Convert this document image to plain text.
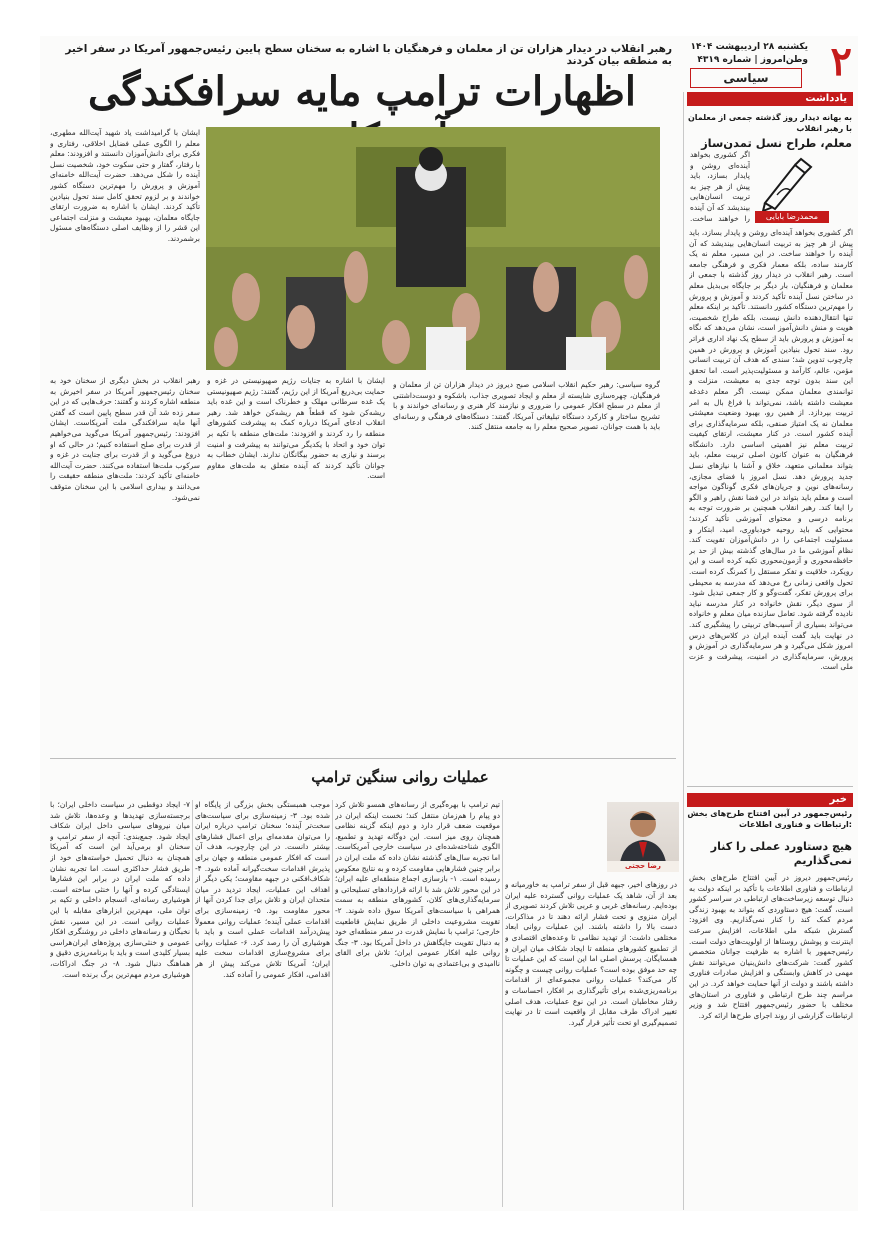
۲
یکشنبه ۲۸ اردیبهشت ۱۴۰۴
وطن‌امروز | شماره ۴۳۱۹
سیاسی
یادداشت
به بهانه دیدار روز گذشته جمعی از معلمان با رهبر انقلاب
معلم، طراح نسل تمدن‌ساز
محمدرضا بابایی
اگر کشوری بخواهد آینده‌ای روشن و پایدار بسازد، باید پیش از هر چیز به تربیت انسان‌هایی بیندیشد که آن آینده را خواهند ساخت.
اگر کشوری بخواهد آینده‌ای روشن و پایدار بسازد، باید پیش از هر چیز به تربیت انسان‌هایی بیندیشد که آن آینده را خواهند ساخت. در این مسیر، معلم نه یک کارمند ساده، بلکه معمار فکری و فرهنگی جامعه است. رهبر انقلاب در دیدار روز گذشته با جمعی از معلمان و فرهنگیان، بار دیگر بر جایگاه بی‌بدیل معلم در ساختن نسل آینده تأکید کردند و آموزش و پرورش را مهم‌ترین دستگاه کشور دانستند. تأکید بر اینکه معلم تنها انتقال‌دهنده دانش نیست، بلکه طراح شخصیت، هویت و منش دانش‌آموز است، نشان می‌دهد که نگاه به آموزش و پرورش باید از سطح یک نهاد اداری فراتر رود. سند تحول بنیادین آموزش و پرورش در همین چارچوب تدوین شد؛ سندی که هدف آن تربیت انسانی مؤمن، عالم، کارآمد و مسئولیت‌پذیر است. اما تحقق این سند بدون توجه جدی به معیشت، منزلت و توانمندی معلمان ممکن نیست. اگر معلم دغدغه معیشت داشته باشد، نمی‌تواند با فراغ بال به امر تربیت بپردازد. از همین رو، بهبود وضعیت معیشتی معلمان نه یک امتیاز صنفی، بلکه سرمایه‌گذاری برای آینده کشور است. در کنار معیشت، ارتقای کیفیت تربیت معلم نیز اهمیتی اساسی دارد. دانشگاه فرهنگیان به عنوان کانون اصلی تربیت معلم، باید بتواند معلمانی متعهد، خلاق و آشنا با نیازهای نسل جدید پرورش دهد. نسل امروز با فضای مجازی، رسانه‌های نوین و جریان‌های فکری گوناگون مواجه است و معلم باید بتواند در این فضا نقش راهبر و الگو را ایفا کند. رهبر انقلاب همچنین بر ضرورت توجه به برنامه درسی و محتوای آموزشی تأکید کردند؛ محتوایی که باید روحیه خودباوری، امید، ابتکار و مسئولیت اجتماعی را در دانش‌آموزان تقویت کند. نظام آموزشی ما در سال‌های گذشته بیش از حد بر حافظه‌محوری و آزمون‌محوری تکیه کرده است و این رویکرد، خلاقیت و تفکر مستقل را کمرنگ کرده است. تحول واقعی زمانی رخ می‌دهد که مدرسه به محیطی برای پرورش تفکر، گفت‌وگو و کار جمعی تبدیل شود. از سوی دیگر، نقش خانواده در کنار مدرسه نباید نادیده گرفته شود. تعامل سازنده میان معلم و خانواده می‌تواند بسیاری از آسیب‌های تربیتی را پیشگیری کند. در نهایت باید گفت آینده ایران در کلاس‌های درس امروز شکل می‌گیرد و هر سرمایه‌گذاری در آموزش و پرورش، سرمایه‌گذاری در امنیت، پیشرفت و عزت ملی است.
خبر
رئیس‌جمهور در آیین افتتاح طرح‌های بخش ارتباطات و فناوری اطلاعات:
هیچ دستاورد عملی را کنار نمی‌گذاریم
رئیس‌جمهور دیروز در آیین افتتاح طرح‌های بخش ارتباطات و فناوری اطلاعات با تأکید بر اینکه دولت به دنبال توسعه زیرساخت‌های ارتباطی در سراسر کشور است، گفت: هیچ دستاوردی که بتواند به بهبود زندگی مردم کمک کند را کنار نمی‌گذاریم. وی افزود: گسترش شبکه ملی اطلاعات، افزایش سرعت اینترنت و پوشش روستاها از اولویت‌های دولت است. رئیس‌جمهور با اشاره به ظرفیت جوانان متخصص کشور گفت: شرکت‌های دانش‌بنیان می‌توانند نقش مهمی در کاهش وابستگی و افزایش صادرات فناوری داشته باشند و دولت از آنها حمایت خواهد کرد. در این مراسم چند طرح ارتباطی و فناوری در استان‌های مختلف با حضور رئیس‌جمهور افتتاح شد و وزیر ارتباطات گزارشی از روند اجرای طرح‌ها ارائه کرد.
رهبر انقلاب در دیدار هزاران تن از معلمان و فرهنگیان با اشاره به سخنان سطح پایین رئیس‌جمهور آمریکا در سفر اخیر به منطقه بیان کردند
اظهارات ترامپ مایه سرافکندگی
گروه سیاسی: رهبر حکیم انقلاب اسلامی صبح دیروز در دیدار هزاران تن از معلمان و فرهنگیان، چهره‌سازی شایسته از معلم و ایجاد تصویری جذاب، باشکوه و دوست‌داشتنی از معلم در سطح افکار عمومی را ضروری و نیازمند کار هنری و رسانه‌ای خواندند و با تشریح ساختار و کارکرد دستگاه تبلیغاتی آمریکا، گفتند: دستگاه‌های فرهنگی و رسانه‌ای باید با همت جوانان، تصویر صحیح معلم را به جامعه منتقل کنند.
ایشان با گرامیداشت یاد شهید آیت‌الله مطهری، معلم را الگوی عملی فضایل اخلاقی، رفتاری و فکری برای دانش‌آموزان دانستند و افزودند: معلم با رفتار، گفتار و حتی سکوت خود، شخصیت نسل آینده را شکل می‌دهد. حضرت آیت‌الله خامنه‌ای آموزش و پرورش را مهم‌ترین دستگاه کشور خواندند و بر لزوم تحقق کامل سند تحول بنیادین تأکید کردند. ایشان با اشاره به ضرورت ارتقای جایگاه معلمان، بهبود معیشت و منزلت اجتماعی این قشر را از وظایف اصلی دستگاه‌های مسئول برشمردند.
رهبر انقلاب در بخش دیگری از سخنان خود به سخنان رئیس‌جمهور آمریکا در سفر اخیرش به منطقه اشاره کردند و گفتند: حرف‌هایی که در این سفر زده شد آن قدر سطح پایین است که گفتن آنها مایه سرافکندگی ملت آمریکاست. ایشان افزودند: رئیس‌جمهور آمریکا می‌گوید می‌خواهیم از قدرت برای صلح استفاده کنیم؛ در حالی که او دروغ می‌گوید و از قدرت برای جنایت در غزه و سرکوب ملت‌ها استفاده می‌کنند. حضرت آیت‌الله خامنه‌ای تأکید کردند: ملت‌های منطقه حقیقت را می‌دانند و بیداری اسلامی با این سخنان متوقف نمی‌شود.
ایشان با اشاره به جنایات رژیم صهیونیستی در غزه و حمایت بی‌دریغ آمریکا از این رژیم، گفتند: رژیم صهیونیستی یک غده سرطانی مهلک و خطرناک است و این غده باید ریشه‌کن شود که قطعاً هم ریشه‌کن خواهد شد. رهبر انقلاب ادعای آمریکا درباره کمک به پیشرفت کشورهای منطقه را رد کردند و افزودند: ملت‌های منطقه با تکیه بر توان خود و اتحاد با یکدیگر می‌توانند به پیشرفت و امنیت برسند و نیازی به حضور بیگانگان ندارند. ایشان خطاب به جوانان تأکید کردند که آینده متعلق به ملت‌های مقاوم است.
عملیات روانی سنگین ترامپ
رضا حجتی
در روزهای اخیر، جبهه قبل از سفر ترامپ به خاورمیانه و بعد از آن، شاهد یک عملیات روانی گسترده علیه ایران بوده‌ایم. رسانه‌های غربی و عربی تلاش کردند تصویری از ایران منزوی و تحت فشار ارائه دهند تا در مذاکرات، دست بالا را داشته باشند. این عملیات روانی ابعاد مختلفی داشت: از تهدید نظامی تا وعده‌های اقتصادی و از تطمیع کشورهای منطقه تا ایجاد شکاف میان ایران و همسایگان. پرسش اصلی اما این است که این عملیات تا چه حد موفق بوده است؟ عملیات روانی چیست و چگونه کار می‌کند؟ عملیات روانی مجموعه‌ای از اقدامات برنامه‌ریزی‌شده برای تأثیرگذاری بر افکار، احساسات و رفتار مخاطبان است. در این نوع عملیات، هدف اصلی تغییر ادراک طرف مقابل از واقعیت است تا در نهایت تصمیم‌گیری او تحت تأثیر قرار گیرد.
تیم ترامپ با بهره‌گیری از رسانه‌های همسو تلاش کرد دو پیام را هم‌زمان منتقل کند؛ نخست اینکه ایران در موقعیت ضعف قرار دارد و دوم اینکه گزینه نظامی همچنان روی میز است. این دوگانه تهدید و تطمیع، الگوی شناخته‌شده‌ای در سیاست خارجی آمریکاست. اما تجربه سال‌های گذشته نشان داده که ملت ایران در برابر چنین فشارهایی مقاومت کرده و به نتایج معکوس رسیده است. ۱- بازسازی اجماع منطقه‌ای علیه ایران؛ در این محور تلاش شد با ارائه قراردادهای تسلیحاتی و سرمایه‌گذاری‌های کلان، کشورهای منطقه به سمت همراهی با سیاست‌های آمریکا سوق داده شوند. ۲- تقویت مشروعیت داخلی از طریق نمایش قاطعیت خارجی؛ ترامپ با نمایش قدرت در سفر منطقه‌ای خود به دنبال تقویت جایگاهش در داخل آمریکا بود. ۳- جنگ روانی علیه افکار عمومی ایران؛ تلاش برای القای ناامیدی و بی‌اعتمادی به توان داخلی.
موجب همبستگی بخش بزرگی از پایگاه او شده بود. ۳- زمینه‌سازی برای سیاست‌های سخت‌تر آینده؛ سخنان ترامپ درباره ایران را می‌توان مقدمه‌ای برای اعمال فشارهای بیشتر دانست. در این چارچوب، هدف آن است که افکار عمومی منطقه و جهان برای پذیرش اقدامات سخت‌گیرانه آماده شود. ۴- شکاف‌افکنی در جبهه مقاومت؛ یکی دیگر از اهداف این عملیات، ایجاد تردید در میان متحدان ایران و تلاش برای جدا کردن آنها از محور مقاومت بود. ۵- زمینه‌سازی برای اقدامات عملی آینده؛ عملیات روانی معمولاً پیش‌درآمد اقدامات عملی است و باید با هوشیاری آن را رصد کرد. ۶- عملیات روانی برای مشروع‌سازی اقدامات سخت علیه ایران؛ آمریکا تلاش می‌کند پیش از هر اقدامی، افکار عمومی را آماده کند.
۷- ایجاد دوقطبی در سیاست داخلی ایران؛ با برجسته‌سازی تهدیدها و وعده‌ها، تلاش شد میان نیروهای سیاسی داخل ایران شکاف ایجاد شود. جمع‌بندی: آنچه از سفر ترامپ و سخنان او برمی‌آید این است که آمریکا همچنان به دنبال تحمیل خواسته‌های خود از طریق فشار حداکثری است. اما تجربه نشان داده که ملت ایران در برابر این فشارها ایستادگی کرده و آنها را خنثی ساخته است. هوشیاری رسانه‌ای، انسجام داخلی و تکیه بر توان ملی، مهم‌ترین ابزارهای مقابله با این عملیات روانی است. در این مسیر، نقش نخبگان و رسانه‌های داخلی در روشنگری افکار عمومی و خنثی‌سازی پروژه‌های ایران‌هراسی بسیار کلیدی است و باید با برنامه‌ریزی دقیق و هماهنگ دنبال شود. ۸- در جنگ ادراکات، هوشیاری مردم مهم‌ترین برگ برنده است.
